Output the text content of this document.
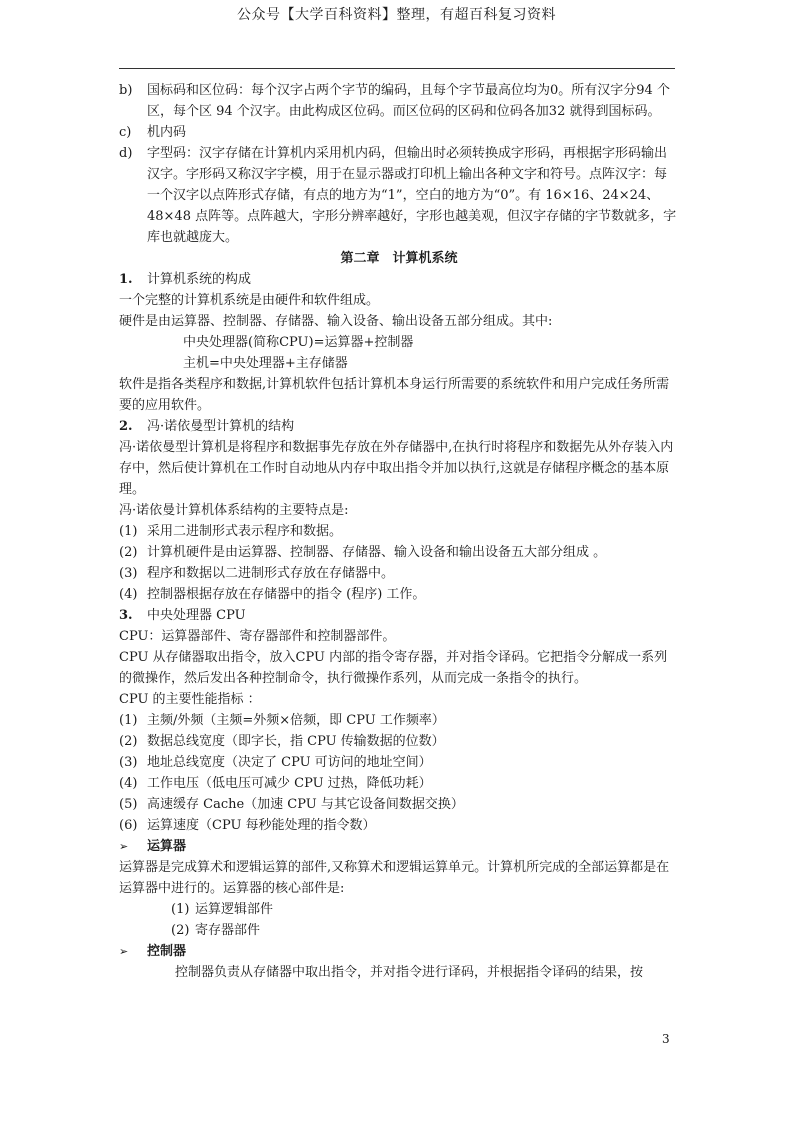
公众号【大学百科资料】整理，有超百科复习资料

b) 国标码和区位码：每个汉字占两个字节的编码，且每个字节最高位均为0。所有汉字分94 个区，每个区 94 个汉字。由此构成区位码。而区位码的区码和位码各加32 就得到国标码。

c) 机内码

d) 字型码：汉字存储在计算机内采用机内码，但输出时必须转换成字形码，再根据字形码输出汉字。字形码又称汉字字模，用于在显示器或打印机上输出各种文字和符号。点阵汉字：每一个汉字以点阵形式存储，有点的地方为“1”，空白的地方为“0”。有 16×16、24×24、48×48 点阵等。点阵越大，字形分辨率越好，字形也越美观，但汉字存储的字节数就多，字库也就越庞大。

第二章　计算机系统

1. 计算机系统的构成

一个完整的计算机系统是由硬件和软件组成。

硬件是由运算器、控制器、存储器、输入设备、输出设备五部分组成。其中:

中央处理器(简称CPU)=运算器+控制器

主机=中央处理器+主存储器

软件是指各类程序和数据,计算机软件包括计算机本身运行所需要的系统软件和用户完成任务所需要的应用软件。

2. 冯·诺依曼型计算机的结构

冯·诺依曼型计算机是将程序和数据事先存放在外存储器中,在执行时将程序和数据先从外存装入内存中，然后使计算机在工作时自动地从内存中取出指令并加以执行,这就是存储程序概念的基本原理。

冯·诺依曼计算机体系结构的主要特点是:

(1) 采用二进制形式表示程序和数据。

(2) 计算机硬件是由运算器、控制器、存储器、输入设备和输出设备五大部分组成 。

(3) 程序和数据以二进制形式存放在存储器中。

(4) 控制器根据存放在存储器中的指令 (程序) 工作。

3. 中央处理器 CPU

CPU：运算器部件、寄存器部件和控制器部件。

CPU 从存储器取出指令，放入CPU 内部的指令寄存器，并对指令译码。它把指令分解成一系列的微操作，然后发出各种控制命令，执行微操作系列，从而完成一条指令的执行。

CPU 的主要性能指标 ：

(1) 主频/外频（主频=外频×倍频，即 CPU 工作频率）

(2) 数据总线宽度（即字长，指 CPU 传输数据的位数）

(3) 地址总线宽度（决定了 CPU 可访问的地址空间）

(4) 工作电压（低电压可减少 CPU 过热，降低功耗）

(5) 高速缓存 Cache（加速 CPU 与其它设备间数据交换）

(6) 运算速度（CPU 每秒能处理的指令数）

➢ 运算器

运算器是完成算术和逻辑运算的部件,又称算术和逻辑运算单元。计算机所完成的全部运算都是在运算器中进行的。运算器的核心部件是:

(1) 运算逻辑部件

(2) 寄存器部件

➢ 控制器

控制器负责从存储器中取出指令，并对指令进行译码，并根据指令译码的结果，按

3
